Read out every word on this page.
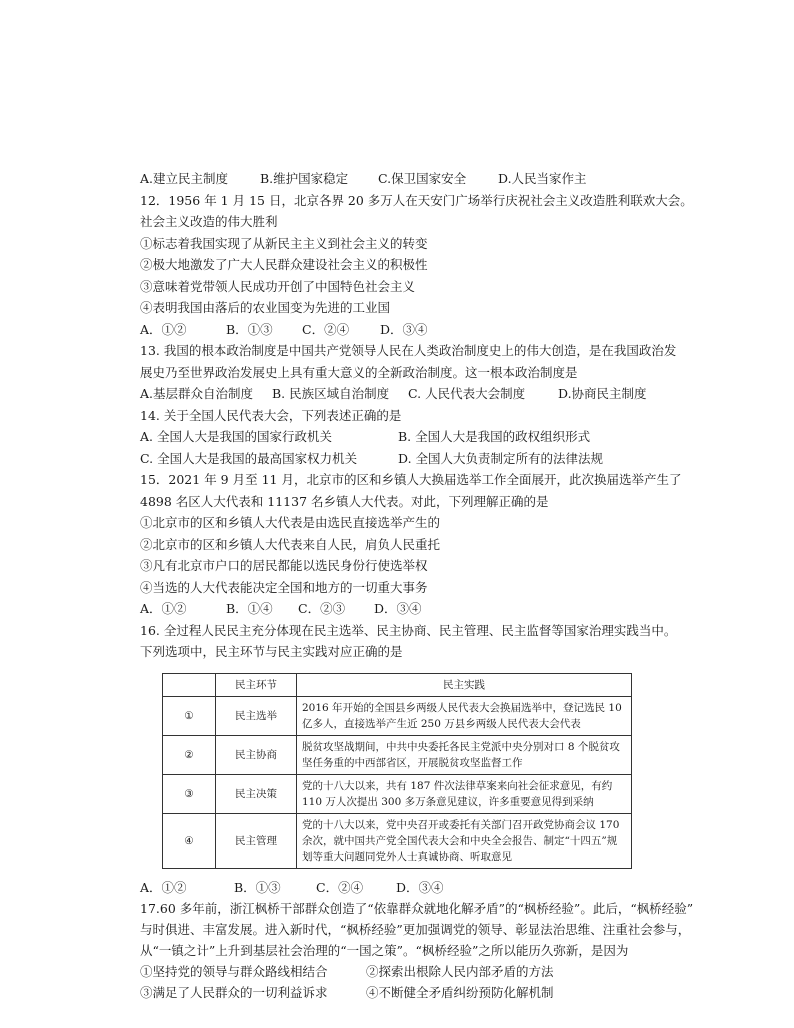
A.建立民主制度	B.维护国家稳定	C.保卫国家安全	D.人民当家作主
12．1956 年 1 月 15 日，北京各界 20 多万人在天安门广场举行庆祝社会主义改造胜利联欢大会。
社会主义改造的伟大胜利
①标志着我国实现了从新民主主义到社会主义的转变
②极大地激发了广大人民群众建设社会主义的积极性
③意味着党带领人民成功开创了中国特色社会主义
④表明我国由落后的农业国变为先进的工业国
A．①②	B．①③	C．②④	D．③④
13. 我国的根本政治制度是中国共产党领导人民在人类政治制度史上的伟大创造，是在我国政治发
展史乃至世界政治发展史上具有重大意义的全新政治制度。这一根本政治制度是
A.基层群众自治制度	B. 民族区域自治制度	C. 人民代表大会制度	D.协商民主制度
14. 关于全国人民代表大会，下列表述正确的是
A. 全国人大是我国的国家行政机关	B. 全国人大是我国的政权组织形式
C. 全国人大是我国的最高国家权力机关	D. 全国人大负责制定所有的法律法规
15．2021 年 9 月至 11 月，北京市的区和乡镇人大换届选举工作全面展开，此次换届选举产生了
4898 名区人大代表和 11137 名乡镇人大代表。对此，下列理解正确的是
①北京市的区和乡镇人大代表是由选民直接选举产生的
②北京市的区和乡镇人大代表来自人民，肩负人民重托
③凡有北京市户口的居民都能以选民身份行使选举权
④当选的人大代表能决定全国和地方的一切重大事务
A．①②	B．①④	C．②③	D．③④
16. 全过程人民民主充分体现在民主选举、民主协商、民主管理、民主监督等国家治理实践当中。
下列选项中，民主环节与民主实践对应正确的是
	民主环节	民主实践
①	民主选举	2016 年开始的全国县乡两级人民代表大会换届选举中，登记选民 10 亿多人，直接选举产生近 250 万县乡两级人民代表大会代表
②	民主协商	脱贫攻坚战期间，中共中央委托各民主党派中央分别对口 8 个脱贫攻坚任务重的中西部省区，开展脱贫攻坚监督工作
③	民主决策	党的十八大以来，共有 187 件次法律草案来向社会征求意见，有约 110 万人次提出 300 多万条意见建议，许多重要意见得到采纳
④	民主管理	党的十八大以来，党中央召开或委托有关部门召开政党协商会议 170 余次，就中国共产党全国代表大会和中央全会报告、制定“十四五”规划等重大问题同党外人士真诚协商、听取意见
A．①②	B．①③	C．②④	D．③④
17.60 多年前，浙江枫桥干部群众创造了“依靠群众就地化解矛盾”的“枫桥经验”。此后，“枫桥经验”
与时俱进、丰富发展。进入新时代，“枫桥经验”更加强调党的领导、彰显法治思维、注重社会参与，
从“一镇之计”上升到基层社会治理的“一国之策”。“枫桥经验”之所以能历久弥新，是因为
①坚持党的领导与群众路线相结合	②探索出根除人民内部矛盾的方法
③满足了人民群众的一切利益诉求	④不断健全矛盾纠纷预防化解机制
